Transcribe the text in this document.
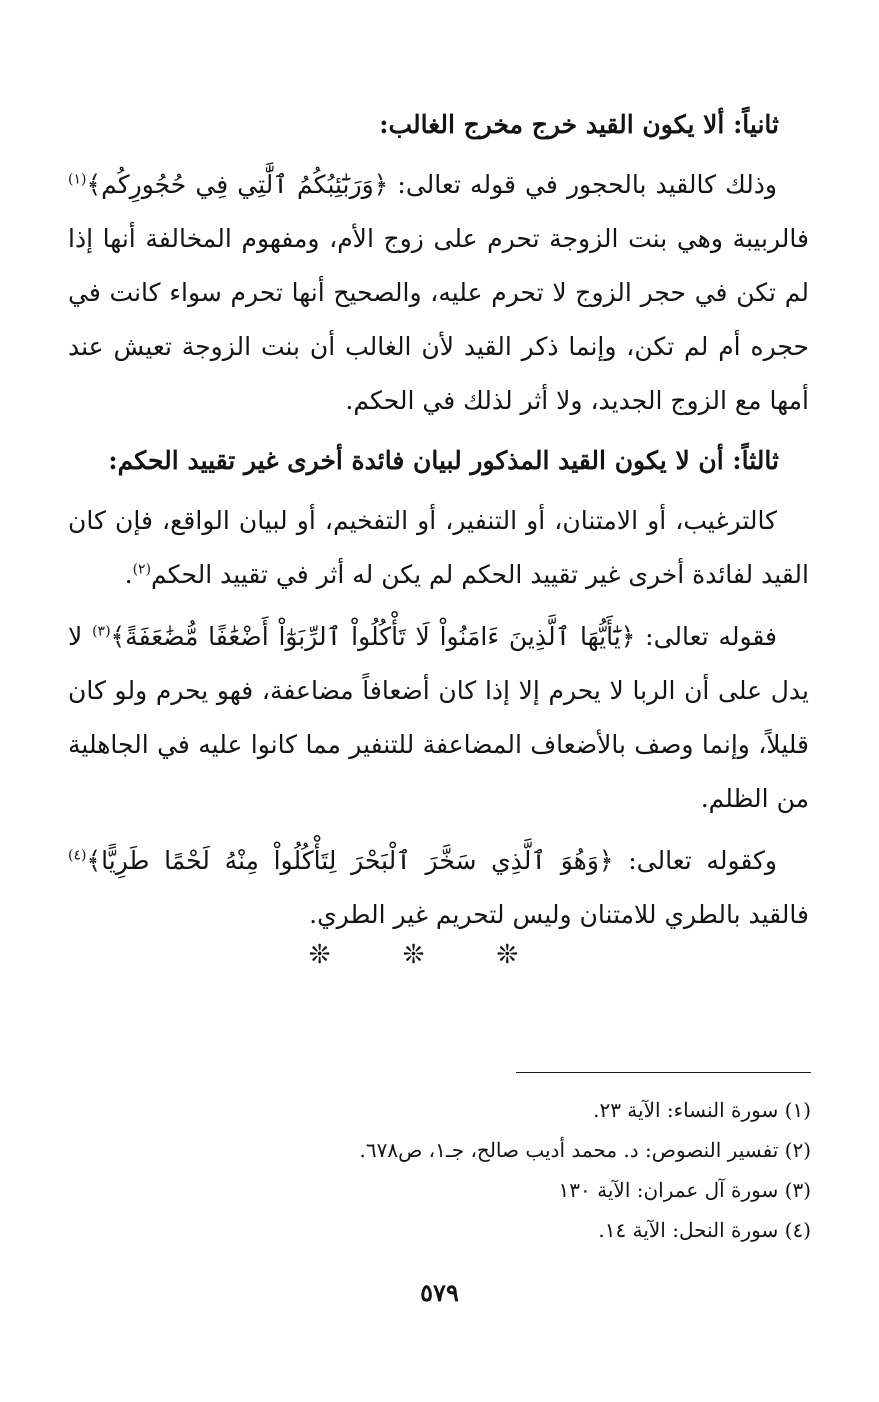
ثانياً: ألا يكون القيد خرج مخرج الغالب:

وذلك كالقيد بالحجور في قوله تعالى: ﴿وَرَبَٰٓئِبُكُمُ ٱلَّٰتِي فِي حُجُورِكُم﴾$^{(١)}$ فالربيبة وهي بنت الزوجة تحرم على زوج الأم، ومفهوم المخالفة أنها إذا لم تكن في حجر الزوج لا تحرم عليه، والصحيح أنها تحرم سواء كانت في حجره أم لم تكن، وإنما ذكر القيد لأن الغالب أن بنت الزوجة تعيش عند أمها مع الزوج الجديد، ولا أثر لذلك في الحكم.

ثالثاً: أن لا يكون القيد المذكور لبيان فائدة أخرى غير تقييد الحكم:

كالترغيب، أو الامتنان، أو التنفير، أو التفخيم، أو لبيان الواقع، فإن كان القيد لفائدة أخرى غير تقييد الحكم لم يكن له أثر في تقييد الحكم$^{(٢)}$.

فقوله تعالى: ﴿يَٰٓأَيُّهَا ٱلَّذِينَ ءَامَنُواْ لَا تَأْكُلُواْ ٱلرِّبَوٰٓاْ أَضْعَٰفًا مُّضَٰعَفَةً﴾$^{(٣)}$ لا يدل على أن الربا لا يحرم إلا إذا كان أضعافاً مضاعفة، فهو يحرم ولو كان قليلاً، وإنما وصف بالأضعاف المضاعفة للتنفير مما كانوا عليه في الجاهلية من الظلم.

وكقوله تعالى: ﴿وَهُوَ ٱلَّذِي سَخَّرَ ٱلْبَحْرَ لِتَأْكُلُواْ مِنْهُ لَحْمًا طَرِيًّا﴾$^{(٤)}$ فالقيد بالطري للامتنان وليس لتحريم غير الطري.

❊ ❊ ❊
(١) سورة النساء: الآية ٢٣.
(٢) تفسير النصوص: د. محمد أديب صالح، جـ١، ص٦٧٨.
(٣) سورة آل عمران: الآية ١٣٠
(٤) سورة النحل: الآية ١٤.
٥٧٩
